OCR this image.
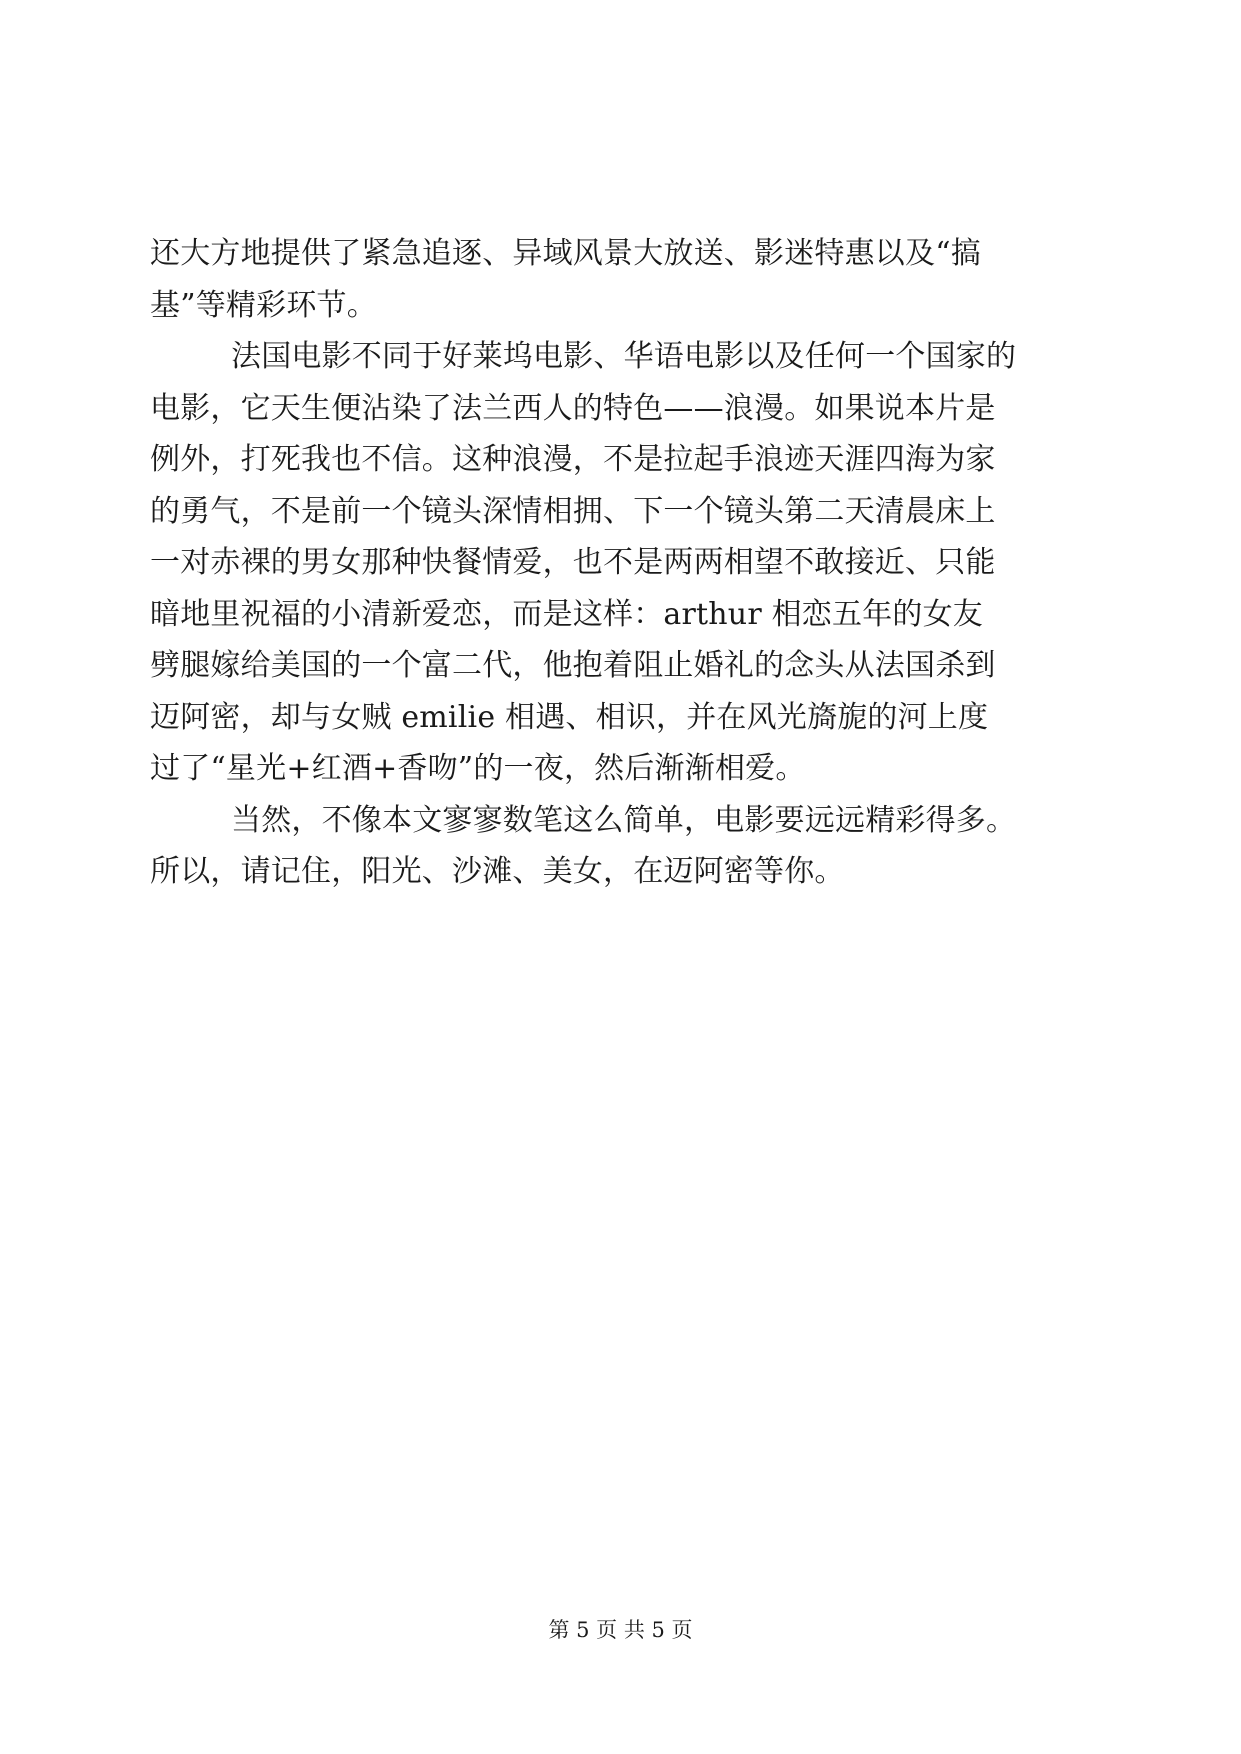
还大方地提供了紧急追逐、异域风景大放送、影迷特惠以及“搞
基”等精彩环节。
法国电影不同于好莱坞电影、华语电影以及任何一个国家的
电影，它天生便沾染了法兰西人的特色——浪漫。如果说本片是
例外，打死我也不信。这种浪漫，不是拉起手浪迹天涯四海为家
的勇气，不是前一个镜头深情相拥、下一个镜头第二天清晨床上
一对赤裸的男女那种快餐情爱，也不是两两相望不敢接近、只能
暗地里祝福的小清新爱恋，而是这样：arthur 相恋五年的女友
劈腿嫁给美国的一个富二代，他抱着阻止婚礼的念头从法国杀到
迈阿密，却与女贼 emilie 相遇、相识，并在风光旖旎的河上度
过了“星光+红酒+香吻”的一夜，然后渐渐相爱。
当然，不像本文寥寥数笔这么简单，电影要远远精彩得多。
所以，请记住，阳光、沙滩、美女，在迈阿密等你。
第 5 页 共 5 页
